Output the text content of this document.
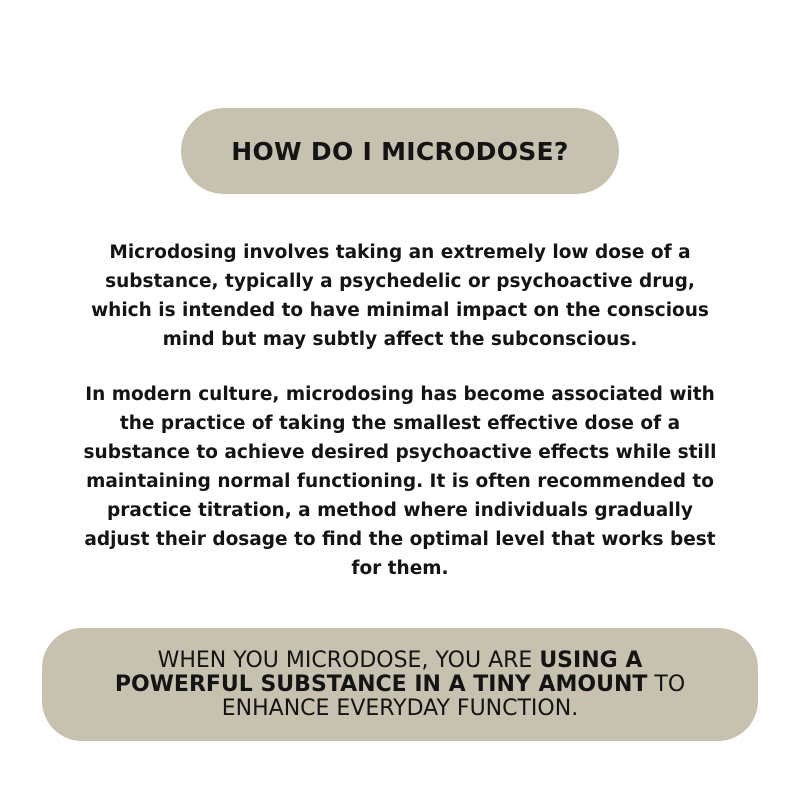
HOW DO I MICRODOSE?
Microdosing involves taking an extremely low dose of a
substance, typically a psychedelic or psychoactive drug,
which is intended to have minimal impact on the conscious
mind but may subtly affect the subconscious.
In modern culture, microdosing has become associated with
the practice of taking the smallest effective dose of a
substance to achieve desired psychoactive effects while still
maintaining normal functioning. It is often recommended to
practice titration, a method where individuals gradually
adjust their dosage to find the optimal level that works best
for them.
WHEN YOU MICRODOSE, YOU ARE USING A
POWERFUL SUBSTANCE IN A TINY AMOUNT TO
ENHANCE EVERYDAY FUNCTION.
